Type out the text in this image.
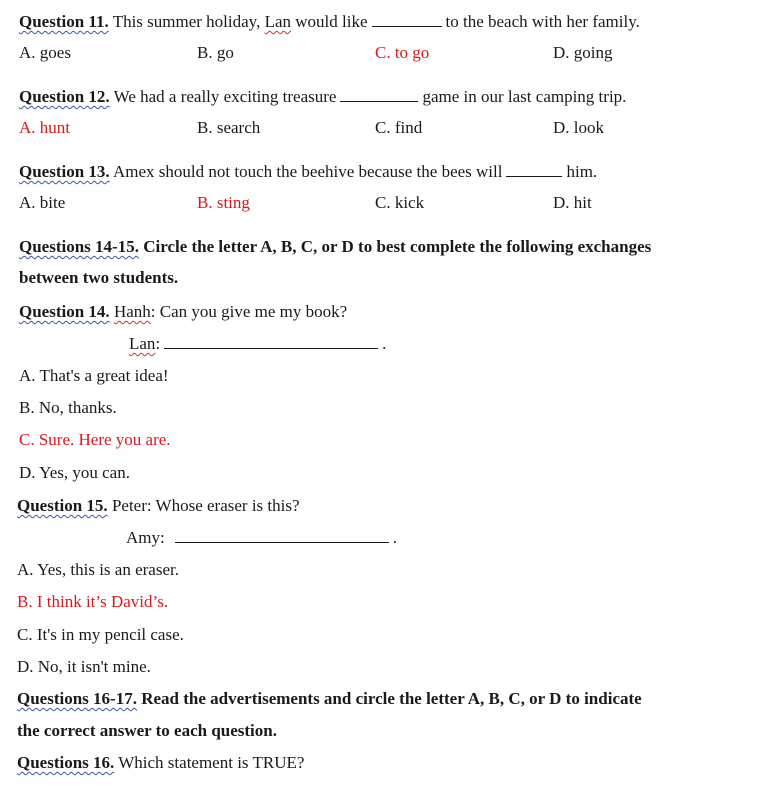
Question 11. This summer holiday, Lan would like	to the beach with her family.
A. goes	B. go	C. to go	D. going
Question 12. We had a really exciting treasure	game in our last camping trip.
A. hunt	B. search	C. find	D. look
Question 13. Amex should not touch the beehive because the bees will	him.
A. bite	B. sting	C. kick	D. hit
Questions 14-15. Circle the letter A, B, C, or D to best complete the following exchanges
between two students.
Question 14. Hanh: Can you give me my book?
Lan:	.
A. That's a great idea!
B. No, thanks.
C. Sure. Here you are.
D. Yes, you can.
Question 15. Peter: Whose eraser is this?
Amy:	.
A. Yes, this is an eraser.
B. I think it’s David’s.
C. It's in my pencil case.
D. No, it isn't mine.
Questions 16-17. Read the advertisements and circle the letter A, B, C, or D to indicate
the correct answer to each question.
Questions 16. Which statement is TRUE?
